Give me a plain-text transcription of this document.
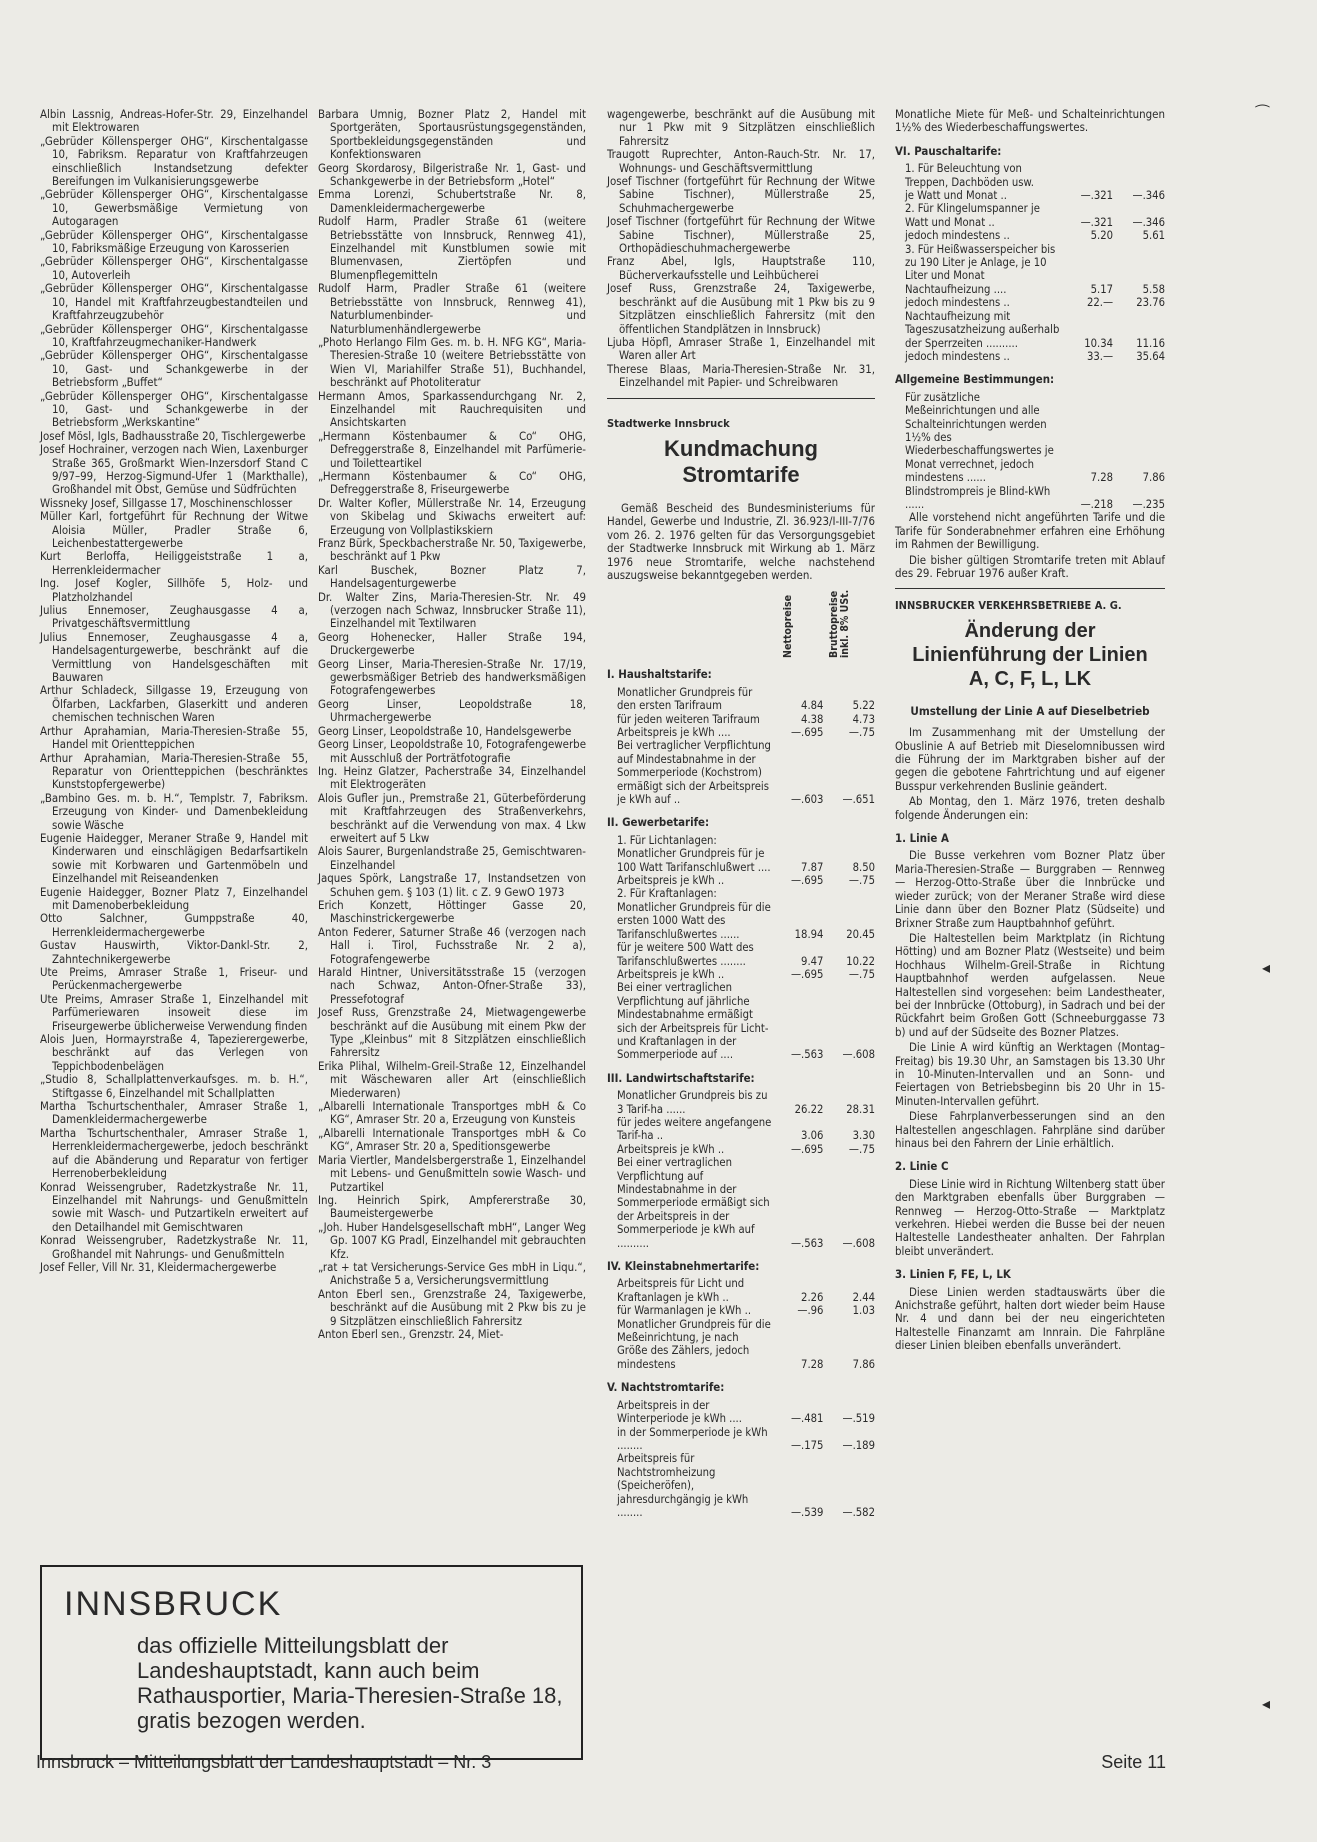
Albin Lassnig, Andreas-Hofer-Str. 29, Einzelhandel mit Elektrowaren

„Gebrüder Köllensperger OHG“, Kirschentalgasse 10, Fabriksm. Reparatur von Kraftfahrzeugen einschließlich Instandsetzung defekter Bereifungen im Vulkanisierungsgewerbe

„Gebrüder Köllensperger OHG“, Kirschentalgasse 10, Gewerbsmäßige Vermietung von Autogaragen

„Gebrüder Köllensperger OHG“, Kirschentalgasse 10, Fabriksmäßige Erzeugung von Karosserien

„Gebrüder Köllensperger OHG“, Kirschentalgasse 10, Autoverleih

„Gebrüder Köllensperger OHG“, Kirschentalgasse 10, Handel mit Kraftfahrzeugbestandteilen und Kraftfahrzeugzubehör

„Gebrüder Köllensperger OHG“, Kirschentalgasse 10, Kraftfahrzeugmechaniker-Handwerk

„Gebrüder Köllensperger OHG“, Kirschentalgasse 10, Gast- und Schankgewerbe in der Betriebsform „Buffet“

„Gebrüder Köllensperger OHG“, Kirschentalgasse 10, Gast- und Schankgewerbe in der Betriebsform „Werkskantine“

Josef Mösl, Igls, Badhausstraße 20, Tischlergewerbe

Josef Hochrainer, verzogen nach Wien, Laxenburger Straße 365, Großmarkt Wien-Inzersdorf Stand C 9/97–99, Herzog-Sigmund-Ufer 1 (Markthalle), Großhandel mit Obst, Gemüse und Südfrüchten

Wissneky Josef, Sillgasse 17, Moschinenschlosser

Müller Karl, fortgeführt für Rechnung der Witwe Aloisia Müller, Pradler Straße 6, Leichenbestattergewerbe

Kurt Berloffa, Heiliggeiststraße 1 a, Herrenkleidermacher

Ing. Josef Kogler, Sillhöfe 5, Holz- und Platzholzhandel

Julius Ennemoser, Zeughausgasse 4 a, Privatgeschäftsvermittlung

Julius Ennemoser, Zeughausgasse 4 a, Handelsagenturgewerbe, beschränkt auf die Vermittlung von Handelsgeschäften mit Bauwaren

Arthur Schladeck, Sillgasse 19, Erzeugung von Ölfarben, Lackfarben, Glaserkitt und anderen chemischen technischen Waren

Arthur Aprahamian, Maria-Theresien-Straße 55, Handel mit Orientteppichen

Arthur Aprahamian, Maria-Theresien-Straße 55, Reparatur von Orientteppichen (beschränktes Kunststopfergewerbe)

„Bambino Ges. m. b. H.“, Templstr. 7, Fabriksm. Erzeugung von Kinder- und Damenbekleidung sowie Wäsche

Eugenie Haidegger, Meraner Straße 9, Handel mit Kinderwaren und einschlägigen Bedarfsartikeln sowie mit Korbwaren und Gartenmöbeln und Einzelhandel mit Reiseandenken

Eugenie Haidegger, Bozner Platz 7, Einzelhandel mit Damenoberbekleidung

Otto Salchner, Gumppstraße 40, Herrenkleidermachergewerbe

Gustav Hauswirth, Viktor-Dankl-Str. 2, Zahntechnikergewerbe

Ute Preims, Amraser Straße 1, Friseur- und Perückenmachergewerbe

Ute Preims, Amraser Straße 1, Einzelhandel mit Parfümeriewaren insoweit diese im Friseurgewerbe üblicherweise Verwendung finden

Alois Juen, Hormayrstraße 4, Tapezierergewerbe, beschränkt auf das Verlegen von Teppichbodenbelägen

„Studio 8, Schallplattenverkaufsges. m. b. H.“, Stiftgasse 6, Einzelhandel mit Schallplatten

Martha Tschurtschenthaler, Amraser Straße 1, Damenkleidermachergewerbe

Martha Tschurtschenthaler, Amraser Straße 1, Herrenkleidermachergewerbe, jedoch beschränkt auf die Abänderung und Reparatur von fertiger Herrenoberbekleidung

Konrad Weissengruber, Radetzkystraße Nr. 11, Einzelhandel mit Nahrungs- und Genußmitteln sowie mit Wasch- und Putzartikeln erweitert auf den Detailhandel mit Gemischtwaren

Konrad Weissengruber, Radetzkystraße Nr. 11, Großhandel mit Nahrungs- und Genußmitteln

Josef Feller, Vill Nr. 31, Kleidermachergewerbe

Barbara Umnig, Bozner Platz 2, Handel mit Sportgeräten, Sportausrüstungsgegenständen, Sportbekleidungsgegenständen und Konfektionswaren

Georg Skordarosy, Bilgeristraße Nr. 1, Gast- und Schankgewerbe in der Betriebsform „Hotel“

Emma Lorenzi, Schubertstraße Nr. 8, Damenkleidermachergewerbe

Rudolf Harm, Pradler Straße 61 (weitere Betriebsstätte von Innsbruck, Rennweg 41), Einzelhandel mit Kunstblumen sowie mit Blumenvasen, Ziertöpfen und Blumenpflegemitteln

Rudolf Harm, Pradler Straße 61 (weitere Betriebsstätte von Innsbruck, Rennweg 41), Naturblumenbinder- und Naturblumenhändlergewerbe

„Photo Herlango Film Ges. m. b. H. NFG KG“, Maria-Theresien-Straße 10 (weitere Betriebsstätte von Wien VI, Mariahilfer Straße 51), Buchhandel, beschränkt auf Photoliteratur

Hermann Amos, Sparkassendurchgang Nr. 2, Einzelhandel mit Rauchrequisiten und Ansichtskarten

„Hermann Köstenbaumer & Co“ OHG, Defreggerstraße 8, Einzelhandel mit Parfümerie- und Toiletteartikel

„Hermann Köstenbaumer & Co“ OHG, Defreggerstraße 8, Friseurgewerbe

Dr. Walter Kofler, Müllerstraße Nr. 14, Erzeugung von Skibelag und Skiwachs erweitert auf: Erzeugung von Vollplastikskiern

Franz Bürk, Speckbacherstraße Nr. 50, Taxigewerbe, beschränkt auf 1 Pkw

Karl Buschek, Bozner Platz 7, Handelsagenturgewerbe

Dr. Walter Zins, Maria-Theresien-Str. Nr. 49 (verzogen nach Schwaz, Innsbrucker Straße 11), Einzelhandel mit Textilwaren

Georg Hohenecker, Haller Straße 194, Druckergewerbe

Georg Linser, Maria-Theresien-Straße Nr. 17/19, gewerbsmäßiger Betrieb des handwerksmäßigen Fotografengewerbes

Georg Linser, Leopoldstraße 18, Uhrmachergewerbe

Georg Linser, Leopoldstraße 10, Handelsgewerbe

Georg Linser, Leopoldstraße 10, Fotografengewerbe mit Ausschluß der Porträtfotografie

Ing. Heinz Glatzer, Pacherstraße 34, Einzelhandel mit Elektrogeräten

Alois Gufler jun., Premstraße 21, Güterbeförderung mit Kraftfahrzeugen des Straßenverkehrs, beschränkt auf die Verwendung von max. 4 Lkw erweitert auf 5 Lkw

Alois Saurer, Burgenlandstraße 25, Gemischtwaren-Einzelhandel

Jaques Spörk, Langstraße 17, Instandsetzen von Schuhen gem. § 103 (1) lit. c Z. 9 GewO 1973

Erich Konzett, Höttinger Gasse 20, Maschinstrickergewerbe

Anton Federer, Saturner Straße 46 (verzogen nach Hall i. Tirol, Fuchsstraße Nr. 2 a), Fotografengewerbe

Harald Hintner, Universitätsstraße 15 (verzogen nach Schwaz, Anton-Ofner-Straße 33), Pressefotograf

Josef Russ, Grenzstraße 24, Mietwagengewerbe beschränkt auf die Ausübung mit einem Pkw der Type „Kleinbus“ mit 8 Sitzplätzen einschließlich Fahrersitz

Erika Plihal, Wilhelm-Greil-Straße 12, Einzelhandel mit Wäschewaren aller Art (einschließlich Miederwaren)

„Albarelli Internationale Transportges mbH & Co KG“, Amraser Str. 20 a, Erzeugung von Kunsteis

„Albarelli Internationale Transportges mbH & Co KG“, Amraser Str. 20 a, Speditionsgewerbe

Maria Viertler, Mandelsbergerstraße 1, Einzelhandel mit Lebens- und Genußmitteln sowie Wasch- und Putzartikel

Ing. Heinrich Spirk, Ampfererstraße 30, Baumeistergewerbe

„Joh. Huber Handelsgesellschaft mbH“, Langer Weg Gp. 1007 KG Pradl, Einzelhandel mit gebrauchten Kfz.

„rat + tat Versicherungs-Service Ges mbH in Liqu.“, Anichstraße 5 a, Versicherungsvermittlung

Anton Eberl sen., Grenzstraße 24, Taxigewerbe, beschränkt auf die Ausübung mit 2 Pkw bis zu je 9 Sitzplätzen einschließlich Fahrersitz

Anton Eberl sen., Grenzstr. 24, Miet-

wagengewerbe, beschränkt auf die Ausübung mit nur 1 Pkw mit 9 Sitzplätzen einschließlich Fahrersitz

Traugott Ruprechter, Anton-Rauch-Str. Nr. 17, Wohnungs- und Geschäftsvermittlung

Josef Tischner (fortgeführt für Rechnung der Witwe Sabine Tischner), Müllerstraße 25, Schuhmachergewerbe

Josef Tischner (fortgeführt für Rechnung der Witwe Sabine Tischner), Müllerstraße 25, Orthopädieschuhmachergewerbe

Franz Abel, Igls, Hauptstraße 110, Bücherverkaufsstelle und Leihbücherei

Josef Russ, Grenzstraße 24, Taxigewerbe, beschränkt auf die Ausübung mit 1 Pkw bis zu 9 Sitzplätzen einschließlich Fahrersitz (mit den öffentlichen Standplätzen in Innsbruck)

Ljuba Höpfl, Amraser Straße 1, Einzelhandel mit Waren aller Art

Therese Blaas, Maria-Theresien-Straße Nr. 31, Einzelhandel mit Papier- und Schreibwaren

Stadtwerke Innsbruck
Kundmachung
Stromtarife

Gemäß Bescheid des Bundesministeriums für Handel, Gewerbe und Industrie, Zl. 36.923/I-III-7/76 vom 26. 2. 1976 gelten für das Versorgungsgebiet der Stadtwerke Innsbruck mit Wirkung ab 1. März 1976 neue Stromtarife, welche nachstehend auszugsweise bekanntgegeben werden.

Nettopreise	Bruttopreise inkl. 8% USt.
I. Haushaltstarife:
Monatlicher Grundpreis für den ersten Tarifraum	4.84	5.22
für jeden weiteren Tarifraum	4.38	4.73
Arbeitspreis je kWh ....	—.695	—.75
Bei vertraglicher Verpflichtung auf Mindestabnahme in der Sommerperiode (Kochstrom) ermäßigt sich der Arbeitspreis je kWh auf ..	—.603	—.651
II. Gewerbetarife:
1. Für Lichtanlagen:		
Monatlicher Grundpreis für je 100 Watt Tarifanschlußwert ....	7.87	8.50
Arbeitspreis je kWh ..	—.695	—.75
2. Für Kraftanlagen:		
Monatlicher Grundpreis für die ersten 1000 Watt des Tarifanschlußwertes ......	18.94	20.45
für je weitere 500 Watt des Tarifanschlußwertes ........	9.47	10.22
Arbeitspreis je kWh ..	—.695	—.75
Bei einer vertraglichen Verpflichtung auf jährliche Mindestabnahme ermäßigt sich der Arbeitspreis für Licht- und Kraftanlagen in der Sommerperiode auf ....	—.563	—.608
III. Landwirtschaftstarife:
Monatlicher Grundpreis bis zu 3 Tarif-ha ......	26.22	28.31
für jedes weitere angefangene Tarif-ha ..	3.06	3.30
Arbeitspreis je kWh ..	—.695	—.75
Bei einer vertraglichen Verpflichtung auf Mindestabnahme in der Sommerperiode ermäßigt sich der Arbeitspreis in der Sommerperiode je kWh auf ..........	—.563	—.608
IV. Kleinstabnehmertarife:
Arbeitspreis für Licht und Kraftanlagen je kWh ..	2.26	2.44
für Warmanlagen je kWh ..	—.96	1.03
Monatlicher Grundpreis für die Meßeinrichtung, je nach Größe des Zählers, jedoch mindestens	7.28	7.86
V. Nachtstromtarife:
Arbeitspreis in der Winterperiode je kWh ....	—.481	—.519
in der Sommerperiode je kWh ........	—.175	—.189
Arbeitspreis für Nachtstromheizung (Speicheröfen), jahresdurchgängig je kWh ........	—.539	—.582

Monatliche Miete für Meß- und Schalteinrichtungen 1½% des Wiederbeschaffungswertes.

VI. Pauschaltarife:
1. Für Beleuchtung von Treppen, Dachböden usw.		
je Watt und Monat ..	—.321	—.346
2. Für Klingelumspanner je Watt und Monat ..	—.321	—.346
jedoch mindestens ..	5.20	5.61
3. Für Heißwasserspeicher bis zu 190 Liter je Anlage, je 10 Liter und Monat		
Nachtaufheizung ....	5.17	5.58
jedoch mindestens ..	22.—	23.76
Nachtaufheizung mit Tageszusatzheizung außerhalb der Sperrzeiten ..........	10.34	11.16
jedoch mindestens ..	33.—	35.64
Allgemeine Bestimmungen:
Für zusätzliche Meßeinrichtungen und alle Schalteinrichtungen werden 1½% des Wiederbeschaffungswertes je Monat verrechnet, jedoch mindestens ......	7.28	7.86
Blindstrompreis je Blind-kWh ......	—.218	—.235

Alle vorstehend nicht angeführten Tarife und die Tarife für Sonderabnehmer erfahren eine Erhöhung im Rahmen der Bewilligung.

Die bisher gültigen Stromtarife treten mit Ablauf des 29. Februar 1976 außer Kraft.

INNSBRUCKER VERKEHRSBETRIEBE A. G.
Änderung der Linienführung der Linien
A, C, F, L, LK
Umstellung der Linie A auf Dieselbetrieb

Im Zusammenhang mit der Umstellung der Obuslinie A auf Betrieb mit Dieselomnibussen wird die Führung der im Marktgraben bisher auf der gegen die gebotene Fahrtrichtung und auf eigener Busspur verkehrenden Buslinie geändert.

Ab Montag, den 1. März 1976, treten deshalb folgende Änderungen ein:

1. Linie A

Die Busse verkehren vom Bozner Platz über Maria-Theresien-Straße — Burggraben — Rennweg — Herzog-Otto-Straße über die Innbrücke und wieder zurück; von der Meraner Straße wird diese Linie dann über den Bozner Platz (Südseite) und Brixner Straße zum Hauptbahnhof geführt.

Die Haltestellen beim Marktplatz (in Richtung Hötting) und am Bozner Platz (Westseite) und beim Hochhaus Wilhelm-Greil-Straße in Richtung Hauptbahnhof werden aufgelassen. Neue Haltestellen sind vorgesehen: beim Landestheater, bei der Innbrücke (Ottoburg), in Sadrach und bei der Rückfahrt beim Großen Gott (Schneeburggasse 73 b) und auf der Südseite des Bozner Platzes.

Die Linie A wird künftig an Werktagen (Montag–Freitag) bis 19.30 Uhr, an Samstagen bis 13.30 Uhr in 10-Minuten-Intervallen und an Sonn- und Feiertagen von Betriebsbeginn bis 20 Uhr in 15-Minuten-Intervallen geführt.

Diese Fahrplanverbesserungen sind an den Haltestellen angeschlagen. Fahrpläne sind darüber hinaus bei den Fahrern der Linie erhältlich.

2. Linie C

Diese Linie wird in Richtung Wiltenberg statt über den Marktgraben ebenfalls über Burggraben — Rennweg — Herzog-Otto-Straße — Marktplatz verkehren. Hiebei werden die Busse bei der neuen Haltestelle Landestheater anhalten. Der Fahrplan bleibt unverändert.

3. Linien F, FE, L, LK

Diese Linien werden stadtauswärts über die Anichstraße geführt, halten dort wieder beim Hause Nr. 4 und dann bei der neu eingerichteten Haltestelle Finanzamt am Innrain. Die Fahrpläne dieser Linien bleiben ebenfalls unverändert.

INNSBRUCK
das offizielle Mitteilungsblatt der Landeshauptstadt, kann auch beim Rathausportier, Maria-Theresien-Straße 18, gratis bezogen werden.
Innsbruck – Mitteilungsblatt der Landeshauptstadt – Nr. 3	Seite 11
⁀
◂
◂
